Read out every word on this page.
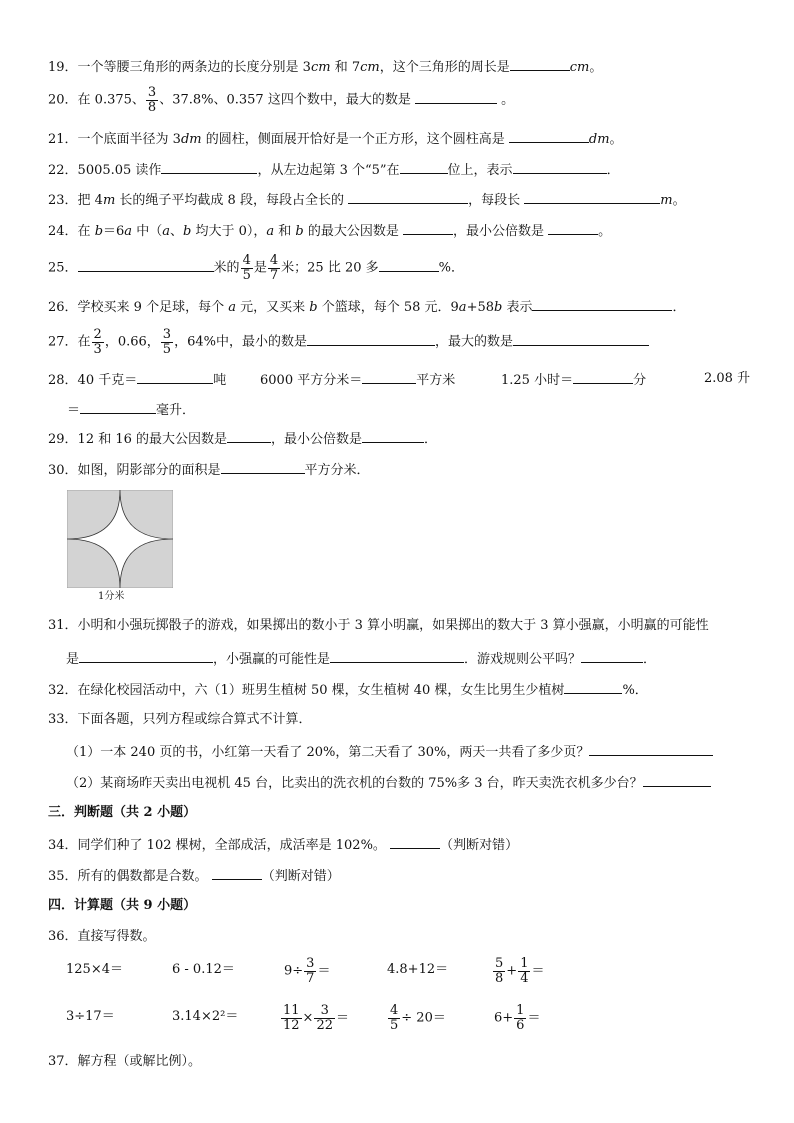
19．一个等腰三角形的两条边的长度分别是 3cm 和 7cm，这个三角形的周长是	cm。
20．在 0.375、 $\frac{3}{8}$ 、37.8%、0.357 这四个数中，最大的数是	。
21．一个底面半径为 3dm 的圆柱，侧面展开恰好是一个正方形，这个圆柱高是	dm。
22．5005.05 读作	，从左边起第 3 个“5”在	位上，表示	．
23．把 4m 长的绳子平均截成 8 段，每段占全长的	，每段长	m。
24．在 b＝6a 中（a、b 均大于 0），a 和 b 的最大公因数是	，最小公倍数是	。
25．	米的 $\frac{4}{5}$ 是 $\frac{4}{7}$ 米；25 比 20 多	%．
26．学校买来 9 个足球，每个 a 元，又买来 b 个篮球，每个 58 元．9a+58b 表示	．
27．在 $\frac{2}{3}$ ，0.66， $\frac{3}{5}$ ，64%中，最小的数是	，最大的数是
28．40 千克＝	吨	6000 平方分米＝	平方米	1.25 小时＝	分	2.08 升
＝	毫升．
29．12 和 16 的最大公因数是	，最小公倍数是	．
30．如图，阴影部分的面积是	平方分米．
1分米
31．小明和小强玩掷骰子的游戏，如果掷出的数小于 3 算小明赢，如果掷出的数大于 3 算小强赢，小明赢的可能性
是	，小强赢的可能性是	．游戏规则公平吗？	．
32．在绿化校园活动中，六（1）班男生植树 50 棵，女生植树 40 棵，女生比男生少植树	%．
33．下面各题，只列方程或综合算式不计算．
（1）一本 240 页的书，小红第一天看了 20%，第二天看了 30%，两天一共看了多少页？
（2）某商场昨天卖出电视机 45 台，比卖出的洗衣机的台数的 75%多 3 台，昨天卖洗衣机多少台？
三．判断题（共 2 小题）
34．同学们种了 102 棵树，全部成活，成活率是 102%。	（判断对错）
35．所有的偶数都是合数。	（判断对错）
四．计算题（共 9 小题）
36．直接写得数。
125×4＝	6 - 0.12＝	$9\div \frac{3}{7}$ ＝	4.8+12＝	$\frac{5}{8} + \frac{1}{4}$ ＝
3÷17＝	3.14×2²＝	$\frac{11}{12} \times \frac{3}{22}$ ＝	$\frac{4}{5} \div 20=$	$6+ \frac{1}{6}$ ＝
37．解方程（或解比例）。
